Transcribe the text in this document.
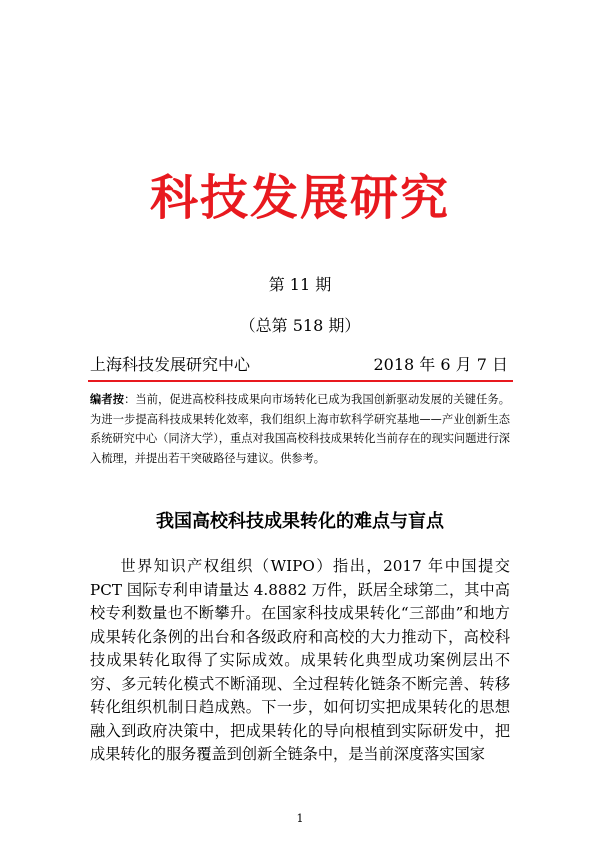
科技发展研究
第 11 期
（总第 518 期）
上海科技发展研究中心	2018 年 6 月 7 日
编者按：当前，促进高校科技成果向市场转化已成为我国创新驱动发展的关键任务。为进一步提高科技成果转化效率，我们组织上海市软科学研究基地——产业创新生态系统研究中心（同济大学），重点对我国高校科技成果转化当前存在的现实问题进行深入梳理，并提出若干突破路径与建议。供参考。
我国高校科技成果转化的难点与盲点
世界知识产权组织（WIPO）指出，2017 年中国提交 PCT 国际专利申请量达 4.8882 万件，跃居全球第二，其中高校专利数量也不断攀升。在国家科技成果转化“三部曲”和地方成果转化条例的出台和各级政府和高校的大力推动下，高校科技成果转化取得了实际成效。成果转化典型成功案例层出不穷、多元转化模式不断涌现、全过程转化链条不断完善、转移转化组织机制日趋成熟。下一步，如何切实把成果转化的思想融入到政府决策中，把成果转化的导向根植到实际研发中，把成果转化的服务覆盖到创新全链条中，是当前深度落实国家
1
